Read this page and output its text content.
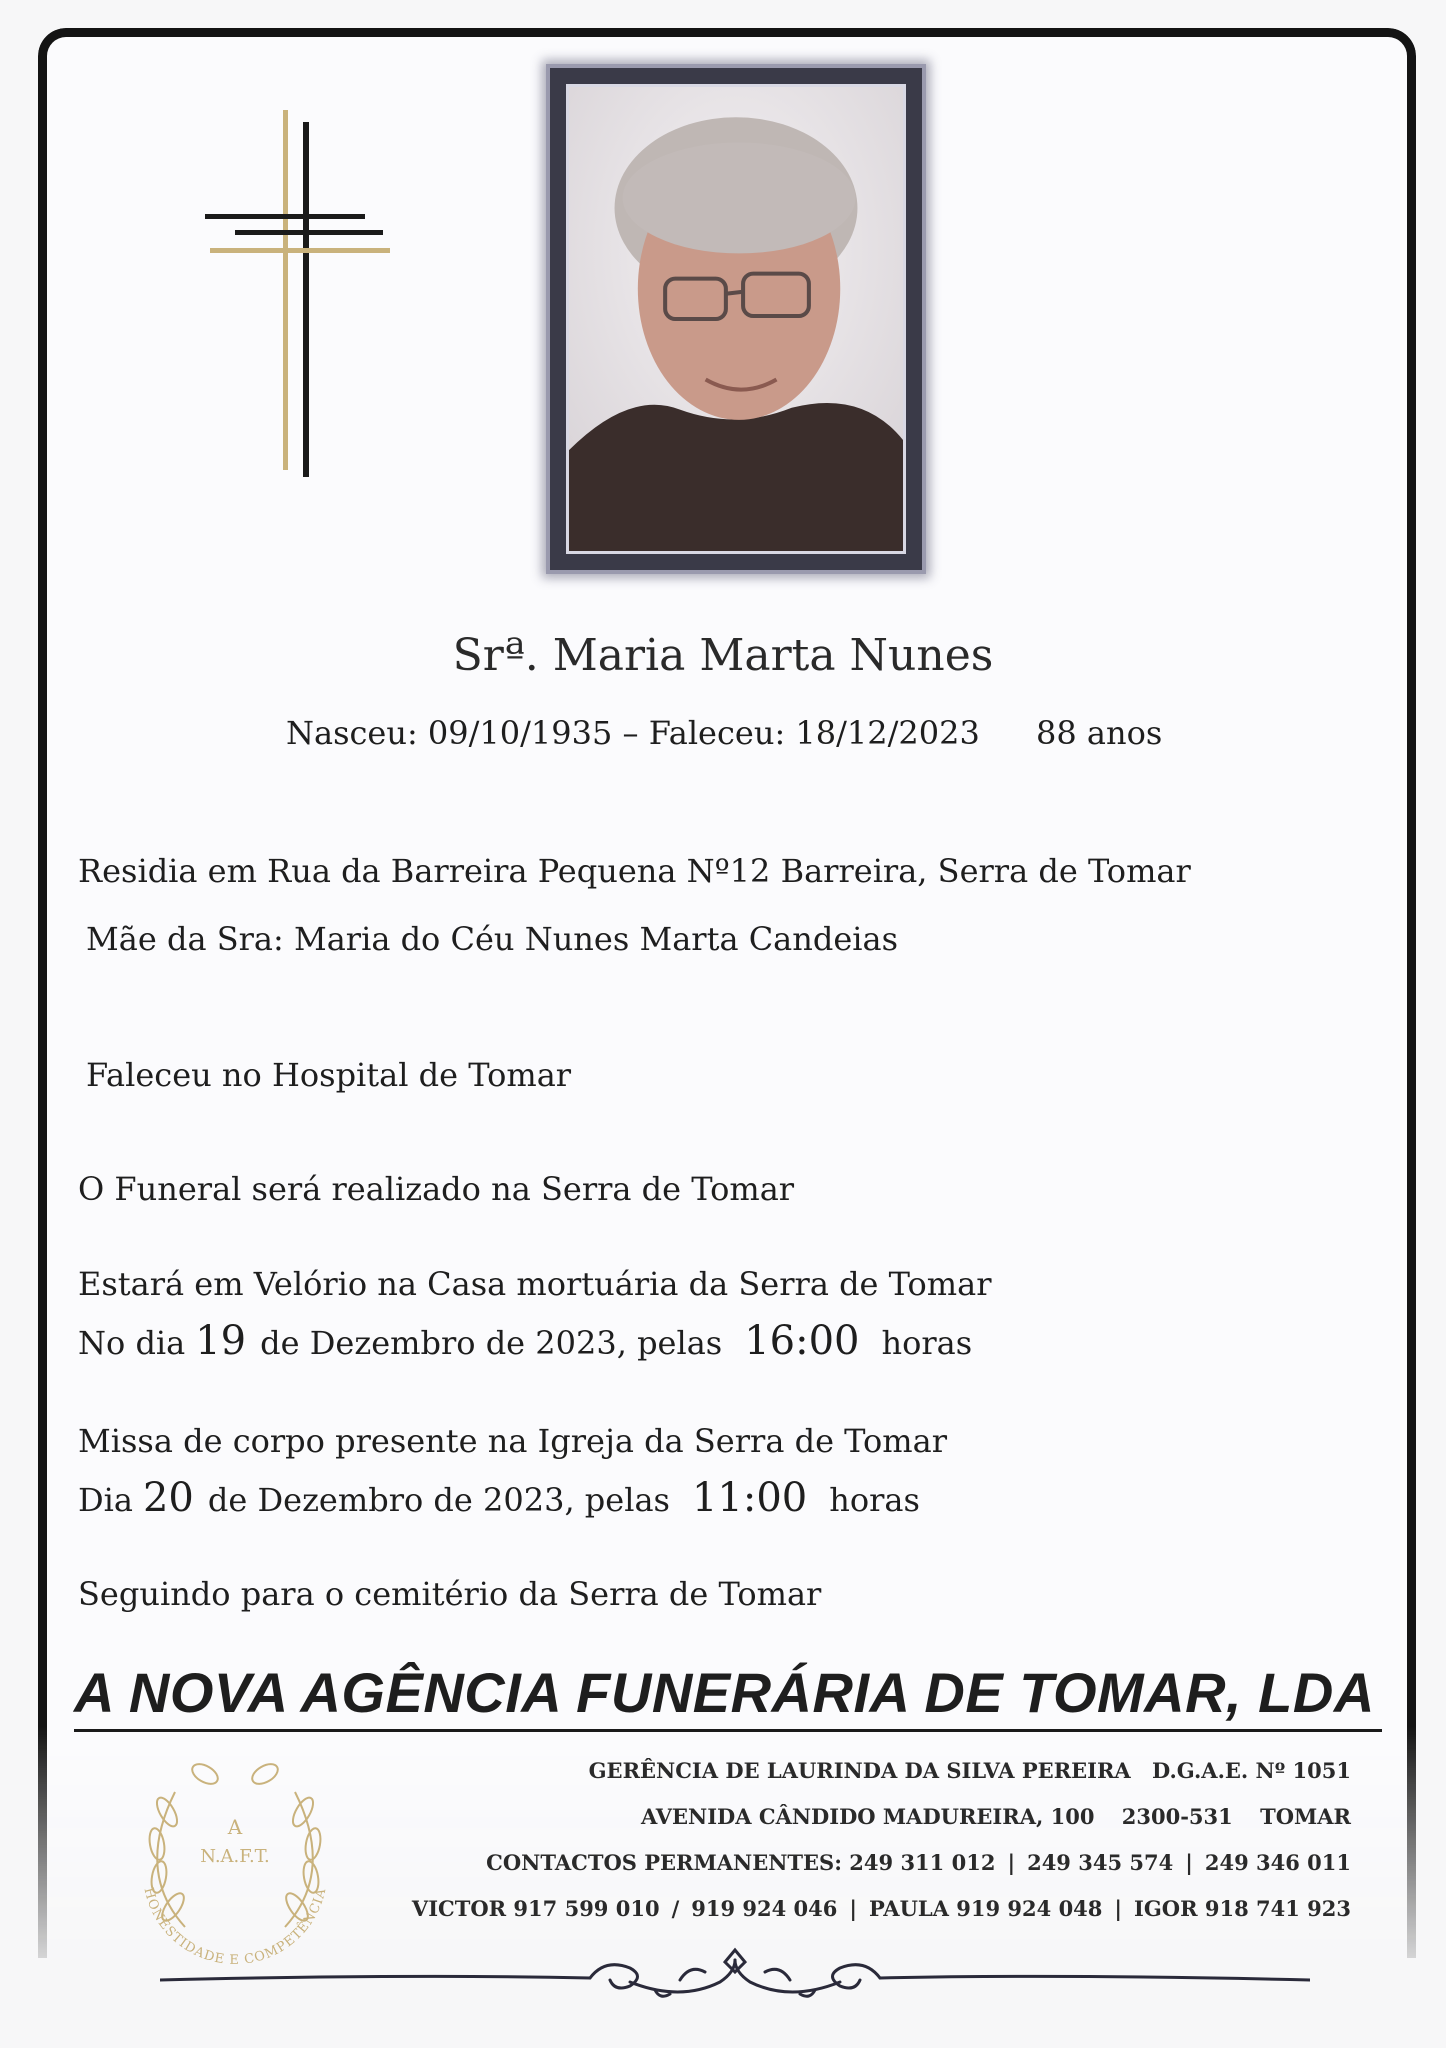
Srª. Maria Marta Nunes
Nasceu: 09/10/1935 – Faleceu: 18/12/2023 88 anos
Residia em Rua da Barreira Pequena Nº12 Barreira, Serra de Tomar
Mãe da Sra: Maria do Céu Nunes Marta Candeias
Faleceu no Hospital de Tomar
O Funeral será realizado na Serra de Tomar
Estará em Velório na Casa mortuária da Serra de Tomar
No dia 19 de Dezembro de 2023, pelas 16:00 horas
Missa de corpo presente na Igreja da Serra de Tomar
Dia 20 de Dezembro de 2023, pelas 11:00 horas
Seguindo para o cemitério da Serra de Tomar
A NOVA AGÊNCIA FUNERÁRIA DE TOMAR, LDA
GERÊNCIA DE LAURINDA DA SILVA PEREIRA D.G.A.E. Nº 1051
AVENIDA CÂNDIDO MADUREIRA, 100 2300-531 TOMAR
CONTACTOS PERMANENTES: 249 311 012 | 249 345 574 | 249 346 011
VICTOR 917 599 010 / 919 924 046 | PAULA 919 924 048 | IGOR 918 741 923
A
N.A.F.T.
HONESTIDADE E COMPETÊNCIA
